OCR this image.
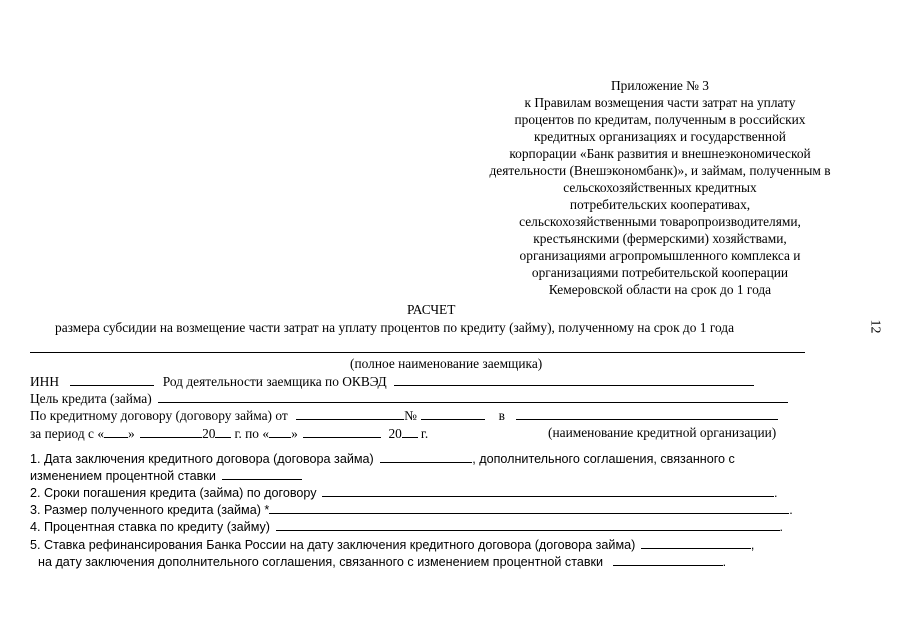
Приложение № 3
к Правилам возмещения части затрат на уплату
процентов по кредитам, полученным в российских
кредитных организациях и государственной
корпорации «Банк развития и внешнеэкономической
деятельности (Внешэкономбанк)», и займам, полученным в
сельскохозяйственных кредитных
потребительских кооперативах,
сельскохозяйственными товаропроизводителями,
крестьянскими (фермерскими) хозяйствами,
организациями агропромышленного комплекса и
организациями потребительской кооперации
Кемеровской области на срок до 1 года
РАСЧЕТ
размера субсидии на возмещение части затрат на уплату процентов по кредиту (займу), полученному на срок до 1 года
(полное наименование заемщика)
ИНН	Род деятельности заемщика по ОКВЭД
Цель кредита (займа)
По кредитному договору (договору займа) от	№	в
за период с « »	20 г. по « »	20 г.	(наименование кредитной организации)
1. Дата заключения кредитного договора (договора займа)	, дополнительного соглашения, связанного с
изменением процентной ставки
2. Сроки погашения кредита (займа) по договору	.
3. Размер полученного кредита (займа) *	.
4. Процентная ставка по кредиту (займу)	.
5. Ставка рефинансирования Банка России на дату заключения кредитного договора (договора займа)	,
на дату заключения дополнительного соглашения, связанного с изменением процентной ставки	.
12
